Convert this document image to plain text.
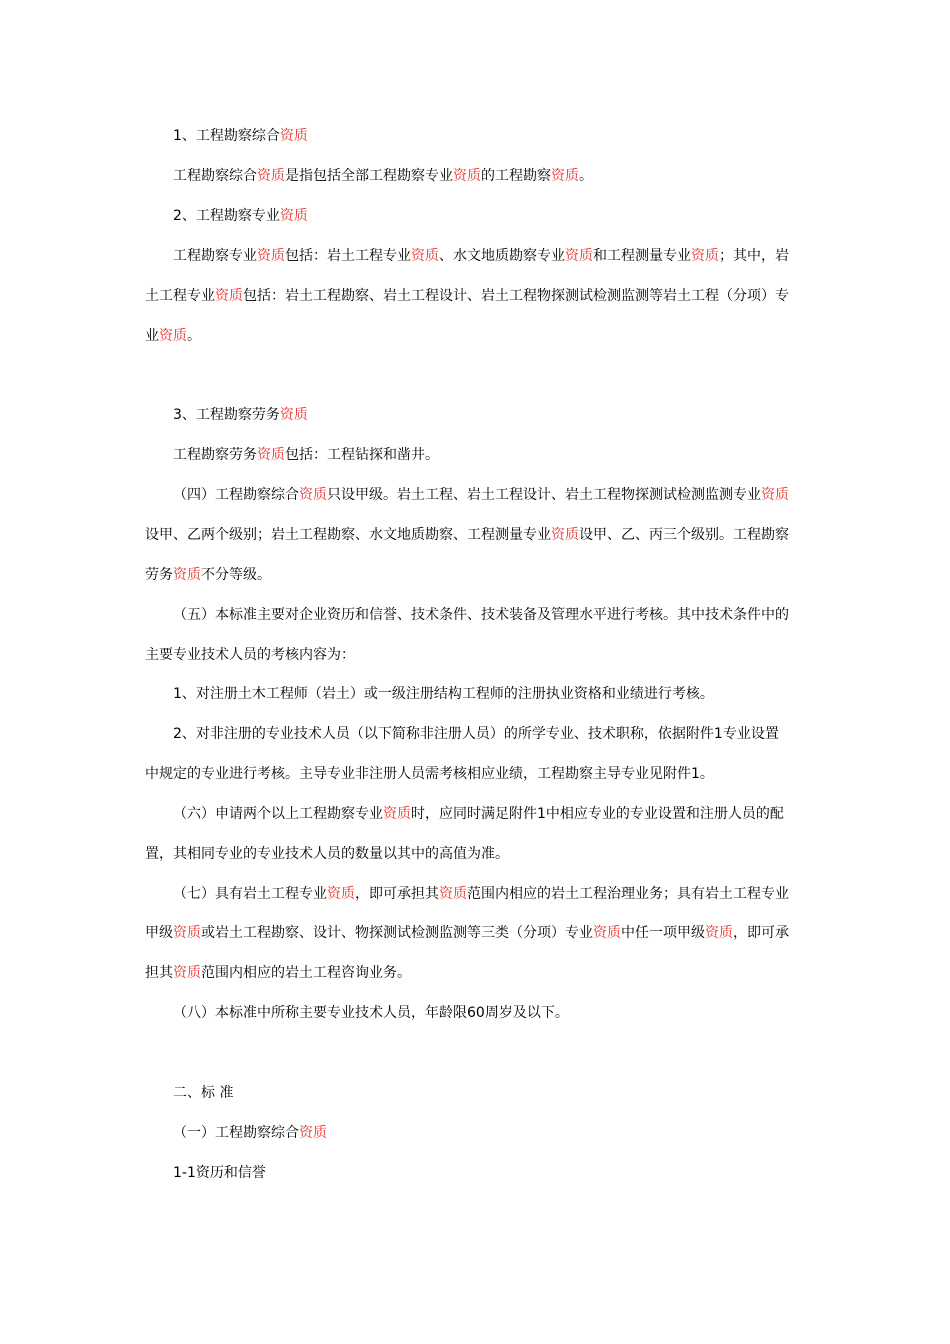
1、工程勘察综合资质
工程勘察综合资质是指包括全部工程勘察专业资质的工程勘察资质。
2、工程勘察专业资质
工程勘察专业资质包括：岩土工程专业资质、水文地质勘察专业资质和工程测量专业资质；其中，岩
土工程专业资质包括：岩土工程勘察、岩土工程设计、岩土工程物探测试检测监测等岩土工程（分项）专
业资质。
3、工程勘察劳务资质
工程勘察劳务资质包括：工程钻探和凿井。
（四）工程勘察综合资质只设甲级。岩土工程、岩土工程设计、岩土工程物探测试检测监测专业资质
设甲、乙两个级别；岩土工程勘察、水文地质勘察、工程测量专业资质设甲、乙、丙三个级别。工程勘察
劳务资质不分等级。
（五）本标准主要对企业资历和信誉、技术条件、技术装备及管理水平进行考核。其中技术条件中的
主要专业技术人员的考核内容为：
1、对注册土木工程师（岩土）或一级注册结构工程师的注册执业资格和业绩进行考核。
2、对非注册的专业技术人员（以下简称非注册人员）的所学专业、技术职称，依据附件1专业设置
中规定的专业进行考核。主导专业非注册人员需考核相应业绩，工程勘察主导专业见附件1。
（六）申请两个以上工程勘察专业资质时，应同时满足附件1中相应专业的专业设置和注册人员的配
置，其相同专业的专业技术人员的数量以其中的高值为准。
（七）具有岩土工程专业资质，即可承担其资质范围内相应的岩土工程治理业务；具有岩土工程专业
甲级资质或岩土工程勘察、设计、物探测试检测监测等三类（分项）专业资质中任一项甲级资质，即可承
担其资质范围内相应的岩土工程咨询业务。
（八）本标准中所称主要专业技术人员，年龄限60周岁及以下。
二、标 准
（一）工程勘察综合资质
1-1资历和信誉
